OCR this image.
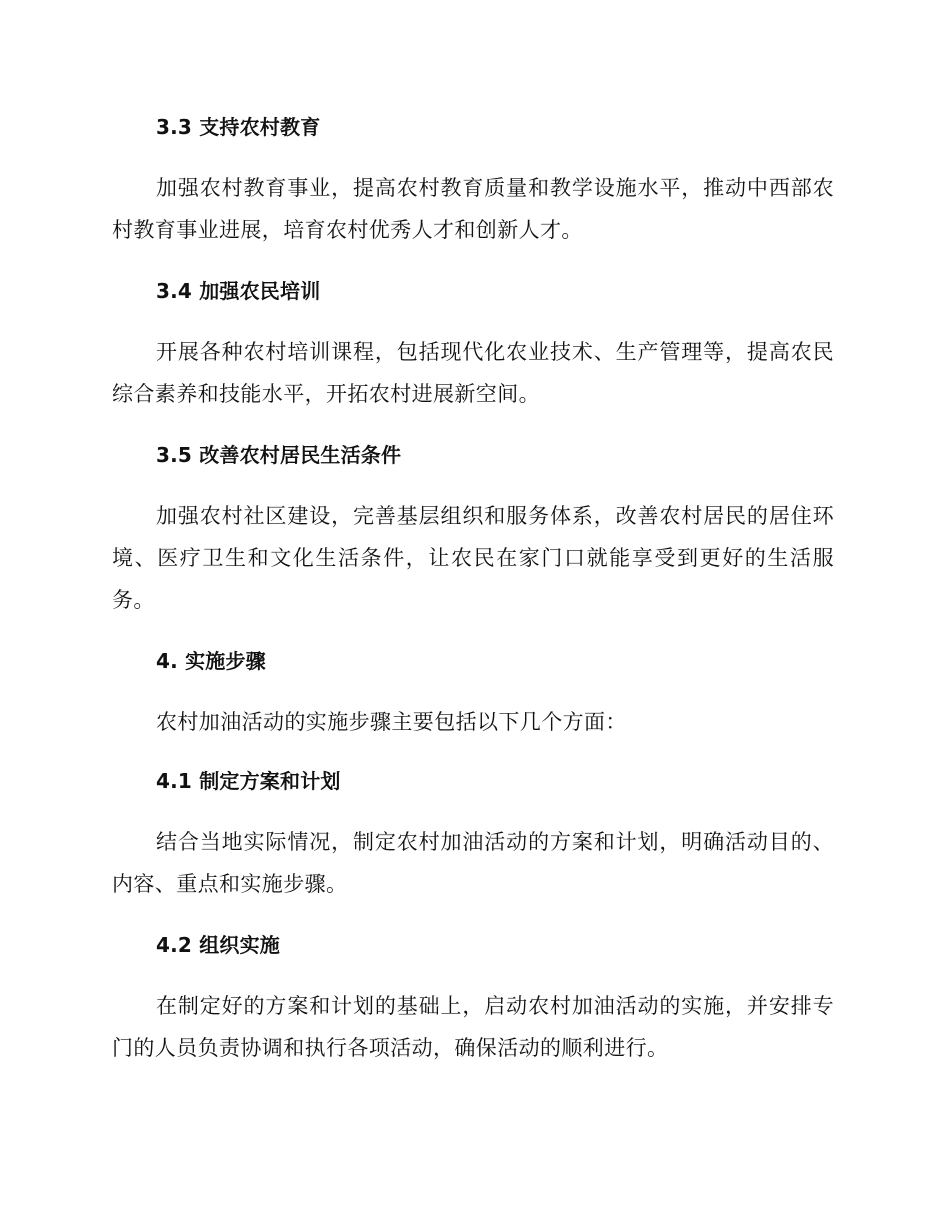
3.3 支持农村教育

加强农村教育事业，提高农村教育质量和教学设施水平，推动中西部农村教育事业进展，培育农村优秀人才和创新人才。

3.4 加强农民培训

开展各种农村培训课程，包括现代化农业技术、生产管理等，提高农民综合素养和技能水平，开拓农村进展新空间。

3.5 改善农村居民生活条件

加强农村社区建设，完善基层组织和服务体系，改善农村居民的居住环境、医疗卫生和文化生活条件，让农民在家门口就能享受到更好的生活服务。

4. 实施步骤

农村加油活动的实施步骤主要包括以下几个方面：

4.1 制定方案和计划

结合当地实际情况，制定农村加油活动的方案和计划，明确活动目的、内容、重点和实施步骤。

4.2 组织实施

在制定好的方案和计划的基础上，启动农村加油活动的实施，并安排专门的人员负责协调和执行各项活动，确保活动的顺利进行。
